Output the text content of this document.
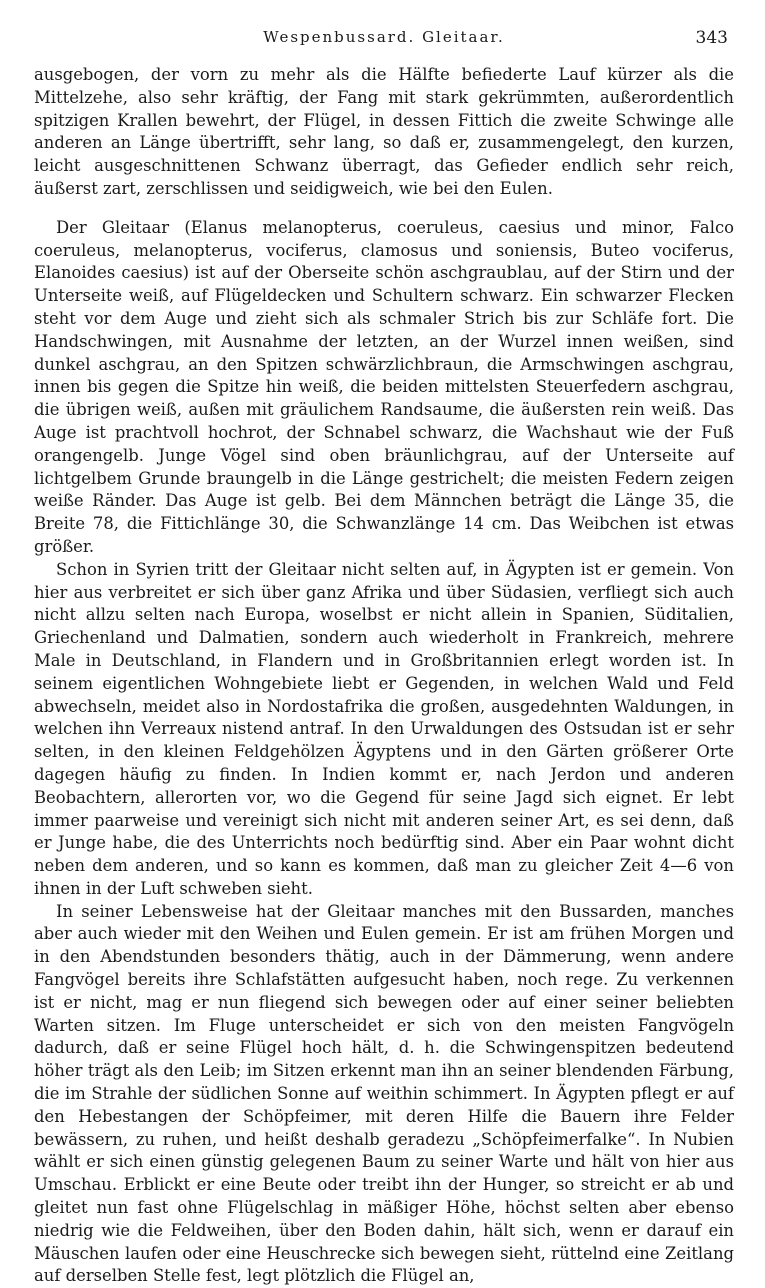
Wespenbussard. Gleitaar.	343

ausgebogen, der vorn zu mehr als die Hälfte befiederte Lauf kürzer als die Mittelzehe, also sehr kräftig, der Fang mit stark gekrümmten, außerordentlich spitzigen Krallen bewehrt, der Flügel, in dessen Fittich die zweite Schwinge alle anderen an Länge übertrifft, sehr lang, so daß er, zusammengelegt, den kurzen, leicht ausgeschnittenen Schwanz überragt, das Gefieder endlich sehr reich, äußerst zart, zerschlissen und seidigweich, wie bei den Eulen.

Der Gleitaar (Elanus melanopterus, coeruleus, caesius und minor, Falco coeruleus, melanopterus, vociferus, clamosus und soniensis, Buteo vociferus, Elanoides caesius) ist auf der Oberseite schön aschgraublau, auf der Stirn und der Unterseite weiß, auf Flügeldecken und Schultern schwarz. Ein schwarzer Flecken steht vor dem Auge und zieht sich als schmaler Strich bis zur Schläfe fort. Die Handschwingen, mit Ausnahme der letzten, an der Wurzel innen weißen, sind dunkel aschgrau, an den Spitzen schwärzlichbraun, die Armschwingen aschgrau, innen bis gegen die Spitze hin weiß, die beiden mittelsten Steuerfedern aschgrau, die übrigen weiß, außen mit gräulichem Randsaume, die äußersten rein weiß. Das Auge ist prachtvoll hochrot, der Schnabel schwarz, die Wachshaut wie der Fuß orangengelb. Junge Vögel sind oben bräunlichgrau, auf der Unterseite auf lichtgelbem Grunde braungelb in die Länge gestrichelt; die meisten Federn zeigen weiße Ränder. Das Auge ist gelb. Bei dem Männchen beträgt die Länge 35, die Breite 78, die Fittichlänge 30, die Schwanzlänge 14 cm. Das Weibchen ist etwas größer.

Schon in Syrien tritt der Gleitaar nicht selten auf, in Ägypten ist er gemein. Von hier aus verbreitet er sich über ganz Afrika und über Südasien, verfliegt sich auch nicht allzu selten nach Europa, woselbst er nicht allein in Spanien, Süditalien, Griechenland und Dalmatien, sondern auch wiederholt in Frankreich, mehrere Male in Deutschland, in Flandern und in Großbritannien erlegt worden ist. In seinem eigentlichen Wohngebiete liebt er Gegenden, in welchen Wald und Feld abwechseln, meidet also in Nordostafrika die großen, ausgedehnten Waldungen, in welchen ihn Verreaux nistend antraf. In den Urwaldungen des Ostsudan ist er sehr selten, in den kleinen Feldgehölzen Ägyptens und in den Gärten größerer Orte dagegen häufig zu finden. In Indien kommt er, nach Jerdon und anderen Beobachtern, allerorten vor, wo die Gegend für seine Jagd sich eignet. Er lebt immer paarweise und vereinigt sich nicht mit anderen seiner Art, es sei denn, daß er Junge habe, die des Unterrichts noch bedürftig sind. Aber ein Paar wohnt dicht neben dem anderen, und so kann es kommen, daß man zu gleicher Zeit 4—6 von ihnen in der Luft schweben sieht.

In seiner Lebensweise hat der Gleitaar manches mit den Bussarden, manches aber auch wieder mit den Weihen und Eulen gemein. Er ist am frühen Morgen und in den Abendstunden besonders thätig, auch in der Dämmerung, wenn andere Fangvögel bereits ihre Schlafstätten aufgesucht haben, noch rege. Zu verkennen ist er nicht, mag er nun fliegend sich bewegen oder auf einer seiner beliebten Warten sitzen. Im Fluge unterscheidet er sich von den meisten Fangvögeln dadurch, daß er seine Flügel hoch hält, d. h. die Schwingenspitzen bedeutend höher trägt als den Leib; im Sitzen erkennt man ihn an seiner blendenden Färbung, die im Strahle der südlichen Sonne auf weithin schimmert. In Ägypten pflegt er auf den Hebestangen der Schöpfeimer, mit deren Hilfe die Bauern ihre Felder bewässern, zu ruhen, und heißt deshalb geradezu „Schöpfeimerfalke“. In Nubien wählt er sich einen günstig gelegenen Baum zu seiner Warte und hält von hier aus Umschau. Erblickt er eine Beute oder treibt ihn der Hunger, so streicht er ab und gleitet nun fast ohne Flügelschlag in mäßiger Höhe, höchst selten aber ebenso niedrig wie die Feldweihen, über den Boden dahin, hält sich, wenn er darauf ein Mäuschen laufen oder eine Heuschrecke sich bewegen sieht, rüttelnd eine Zeitlang auf derselben Stelle fest, legt plötzlich die Flügel an,
